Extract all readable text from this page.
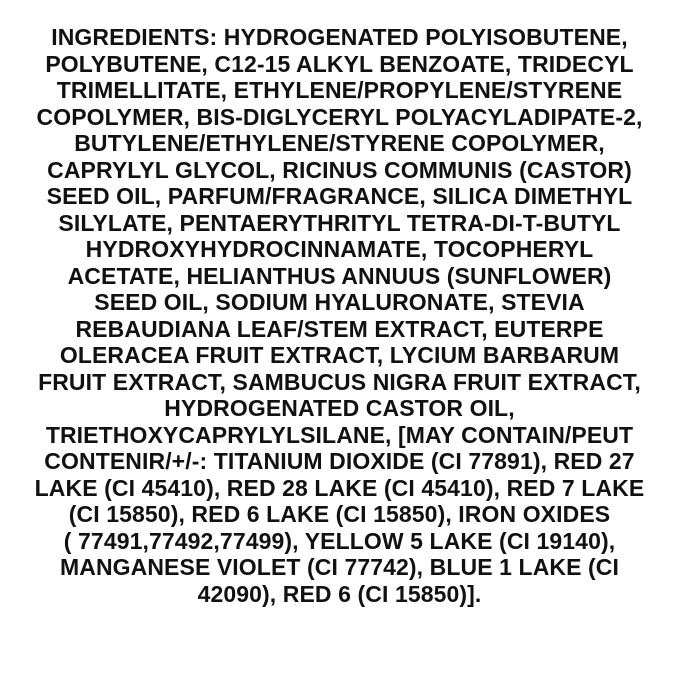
INGREDIENTS: HYDROGENATED POLYISOBUTENE,
POLYBUTENE, C12-15 ALKYL BENZOATE, TRIDECYL
TRIMELLITATE, ETHYLENE/PROPYLENE/STYRENE
COPOLYMER, BIS-DIGLYCERYL POLYACYLADIPATE-2,
BUTYLENE/ETHYLENE/STYRENE COPOLYMER,
CAPRYLYL GLYCOL, RICINUS COMMUNIS (CASTOR)
SEED OIL, PARFUM/FRAGRANCE, SILICA DIMETHYL
SILYLATE, PENTAERYTHRITYL TETRA-DI-T-BUTYL
HYDROXYHYDROCINNAMATE, TOCOPHERYL
ACETATE, HELIANTHUS ANNUUS (SUNFLOWER)
SEED OIL, SODIUM HYALURONATE, STEVIA
REBAUDIANA LEAF/STEM EXTRACT, EUTERPE
OLERACEA FRUIT EXTRACT, LYCIUM BARBARUM
FRUIT EXTRACT, SAMBUCUS NIGRA FRUIT EXTRACT,
HYDROGENATED CASTOR OIL,
TRIETHOXYCAPRYLYLSILANE, [MAY CONTAIN/PEUT
CONTENIR/+/-: TITANIUM DIOXIDE (CI 77891), RED 27
LAKE (CI 45410), RED 28 LAKE (CI 45410), RED 7 LAKE
(CI 15850), RED 6 LAKE (CI 15850), IRON OXIDES
( 77491,77492,77499), YELLOW 5 LAKE (CI 19140),
MANGANESE VIOLET (CI 77742), BLUE 1 LAKE (CI
42090), RED 6 (CI 15850)].
